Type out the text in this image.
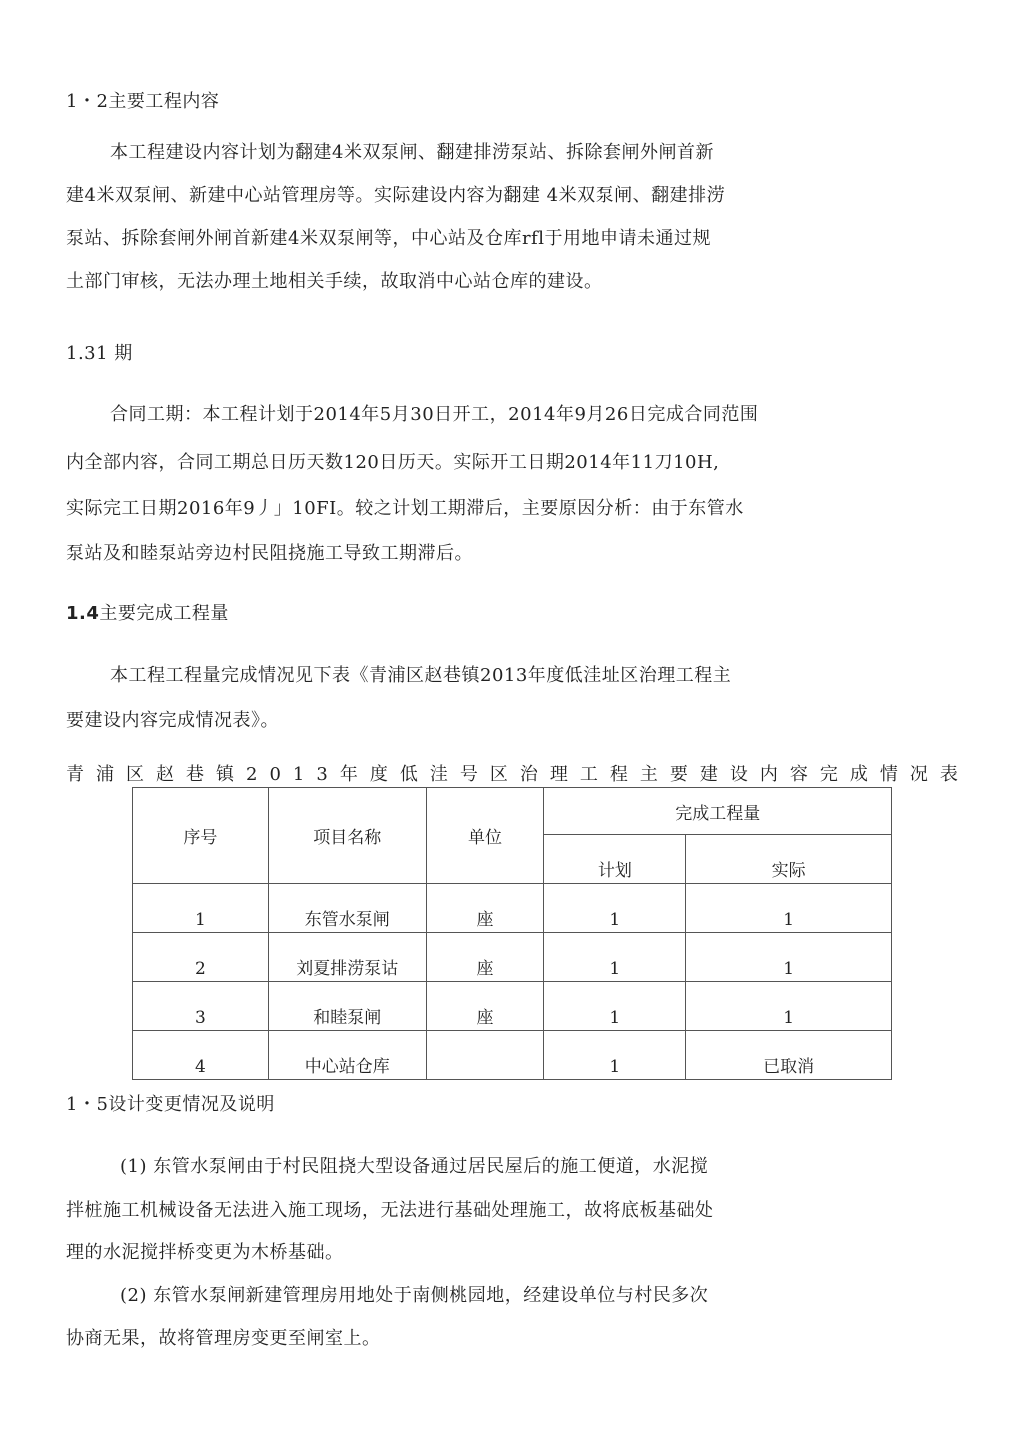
1・2主要工程内容
本工程建设内容计划为翻建4米双泵闸、翻建排涝泵站、拆除套闸外闸首新
建4米双泵闸、新建中心站管理房等。实际建设内容为翻建 4米双泵闸、翻建排涝
泵站、拆除套闸外闸首新建4米双泵闸等，中心站及仓库rfl于用地申请未通过规
土部门审核，无法办理土地相关手续，故取消中心站仓库的建设。
1.31 期
合同工期：本工程计划于2014年5月30日开工，2014年9月26日完成合同范围
内全部内容，合同工期总日历天数120日历天。实际开工日期2014年11刀10H,
实际完工日期2016年9丿」10FI。较之计划工期滞后，主要原因分析：由于东管水
泵站及和睦泵站旁边村民阻挠施工导致工期滞后。
1.4主要完成工程量
本工程工程量完成情况见下表《青浦区赵巷镇2013年度低洼址区治理工程主
要建设内容完成情况表》。
青 浦 区 赵 巷 镇 2 0 1 3 年 度 低 洼 号 区 治 理 工 程 主 要 建 设 内 容 完 成 情 况 表
序号	项目名称	单位	完成工程量	
			计划	实际
1	东管水泵闸	座	1	1
2	刘夏排涝泵诂	座	1	1
3	和睦泵闸	座	1	1
4	中心站仓库		1	已取消
1・5设计变更情况及说明
(1) 东管水泵闸由于村民阻挠大型设备通过居民屋后的施工便道，水泥搅
拌桩施工机械设备无法进入施工现场，无法进行基础处理施工，故将底板基础处
理的水泥搅拌桥变更为木桥基础。
(2) 东管水泵闸新建管理房用地处于南侧桃园地，经建设单位与村民多次
协商无果，故将管理房变更至闸室上。
